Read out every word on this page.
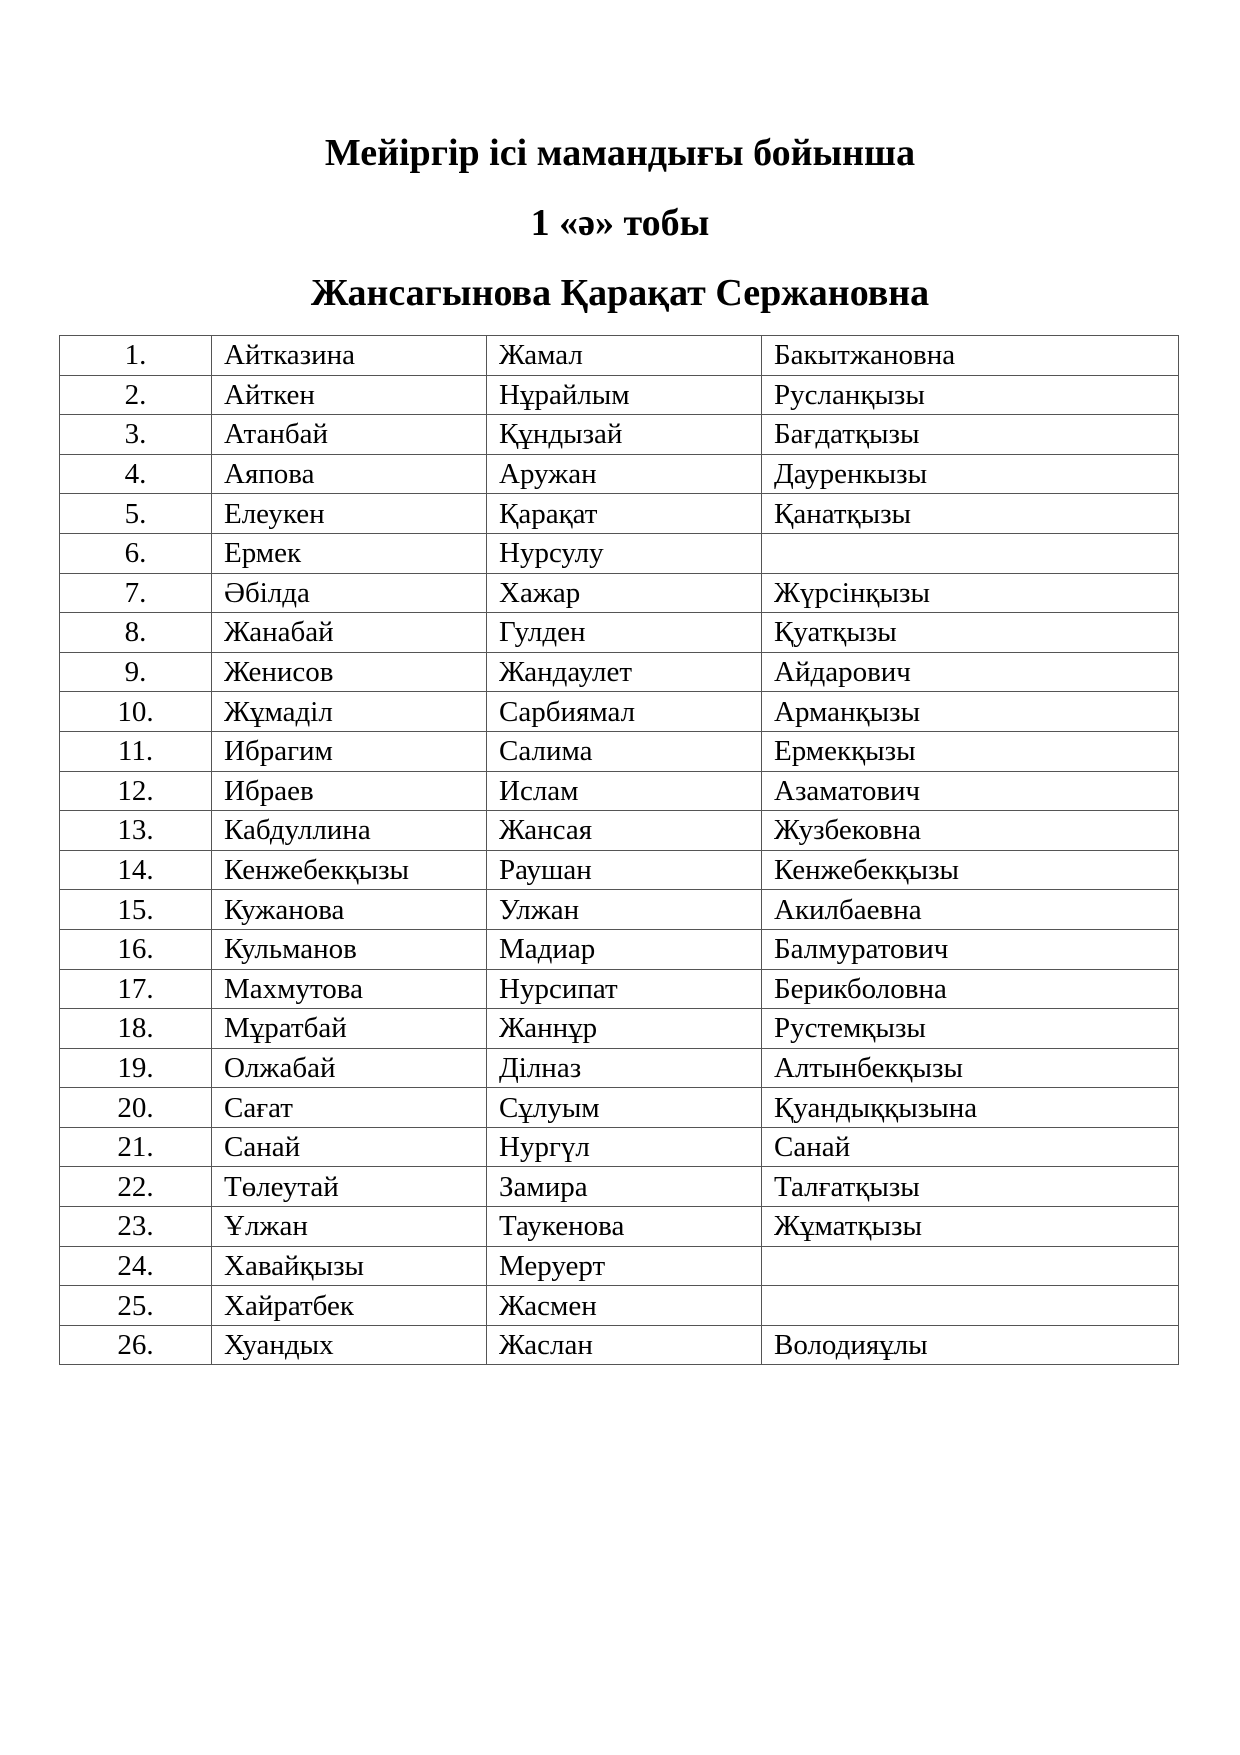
Мейіргір ісі мамандығы бойынша
1 «ә» тобы
Жансагынова Қарақат Сержановна
1.	Айтказина	Жамал	Бакытжановна
2.	Айткен	Нұрайлым	Русланқызы
3.	Атанбай	Құндызай	Бағдатқызы
4.	Аяпова	Аружан	Дауренкызы
5.	Елеукен	Қарақат	Қанатқызы
6.	Ермек	Нурсулу	
7.	Әбілда	Хажар	Жүрсінқызы
8.	Жанабай	Гулден	Қуатқызы
9.	Женисов	Жандаулет	Айдарович
10.	Жұмаділ	Сарбиямал	Арманқызы
11.	Ибрагим	Салима	Ермекқызы
12.	Ибраев	Ислам	Азаматович
13.	Кабдуллина	Жансая	Жузбековна
14.	Кенжебекқызы	Раушан	Кенжебекқызы
15.	Кужанова	Улжан	Акилбаевна
16.	Кульманов	Мадиар	Балмуратович
17.	Махмутова	Нурсипат	Берикболовна
18.	Мұратбай	Жаннұр	Рустемқызы
19.	Олжабай	Ділназ	Алтынбекқызы
20.	Сағат	Сұлуым	Қуандыққызына
21.	Санай	Нургүл	Санай
22.	Төлеутай	Замира	Талғатқызы
23.	Ұлжан	Таукенова	Жұматқызы
24.	Хавайқызы	Меруерт	
25.	Хайратбек	Жасмен	
26.	Хуандых	Жаслан	Володияұлы
